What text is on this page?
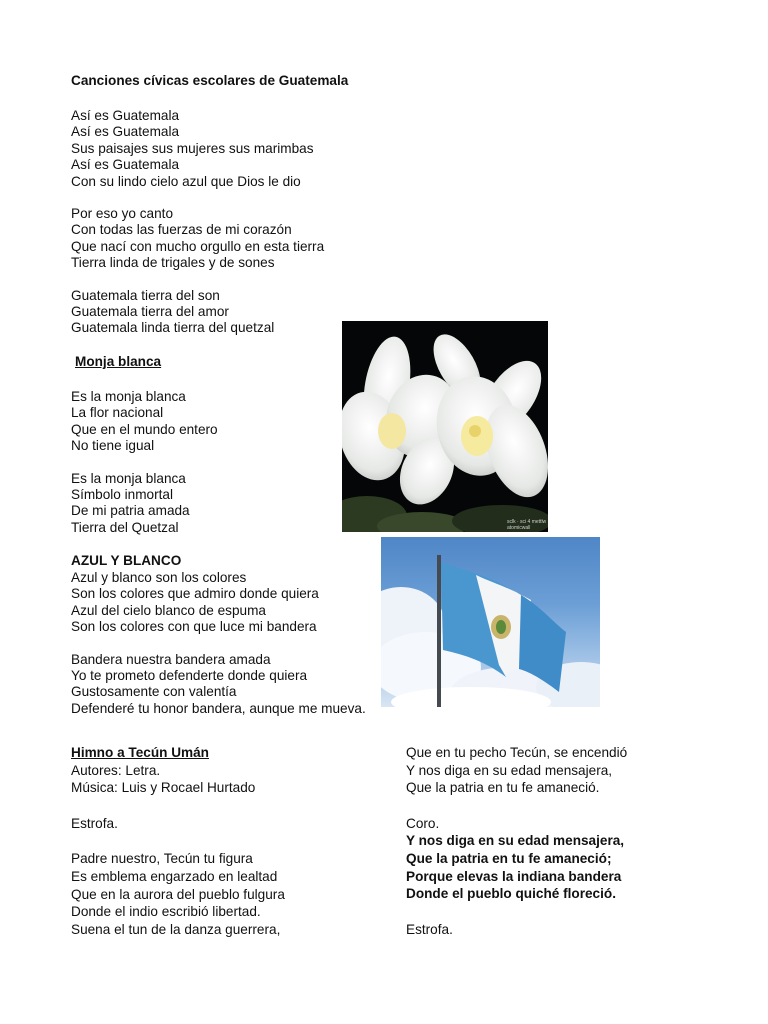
Canciones cívicas escolares de Guatemala
Así es Guatemala
Así es Guatemala
Sus paisajes sus mujeres sus marimbas
Así es Guatemala
Con su lindo cielo azul que Dios le dio
Por eso yo canto
Con todas las fuerzas de mi corazón
Que nací con mucho orgullo en esta tierra
Tierra linda de trigales y de sones
Guatemala tierra del son
Guatemala tierra del amor
Guatemala linda tierra del quetzal
Monja blanca
Es la monja blanca
La flor nacional
Que en el mundo entero
No tiene igual
Es la monja blanca
Símbolo inmortal
De mi patria amada
Tierra del Quetzal
AZUL Y BLANCO
Azul y blanco son los colores
Son los colores que admiro donde quiera
Azul del cielo blanco de espuma
Son los colores con que luce mi bandera
Bandera nuestra bandera amada
Yo te prometo defenderte donde quiera
Gustosamente con valentía
Defenderé tu honor bandera, aunque me mueva.
Himno a Tecún Umán
Autores: Letra.
Música: Luis y Rocael Hurtado
Estrofa.
Padre nuestro, Tecún tu figura
Es emblema engarzado en lealtad
Que en la aurora del pueblo fulgura
Donde el indio escribió libertad.
Suena el tun de la danza guerrera,
Que en tu pecho Tecún, se encendió
Y nos diga en su edad mensajera,
Que la patria en tu fe amaneció.
Coro.
Y nos diga en su edad mensajera,
Que la patria en tu fe amaneció;
Porque elevas la indiana bandera
Donde el pueblo quiché floreció.
Estrofa.
sclk · sci 4 mettlw
atomicwall
